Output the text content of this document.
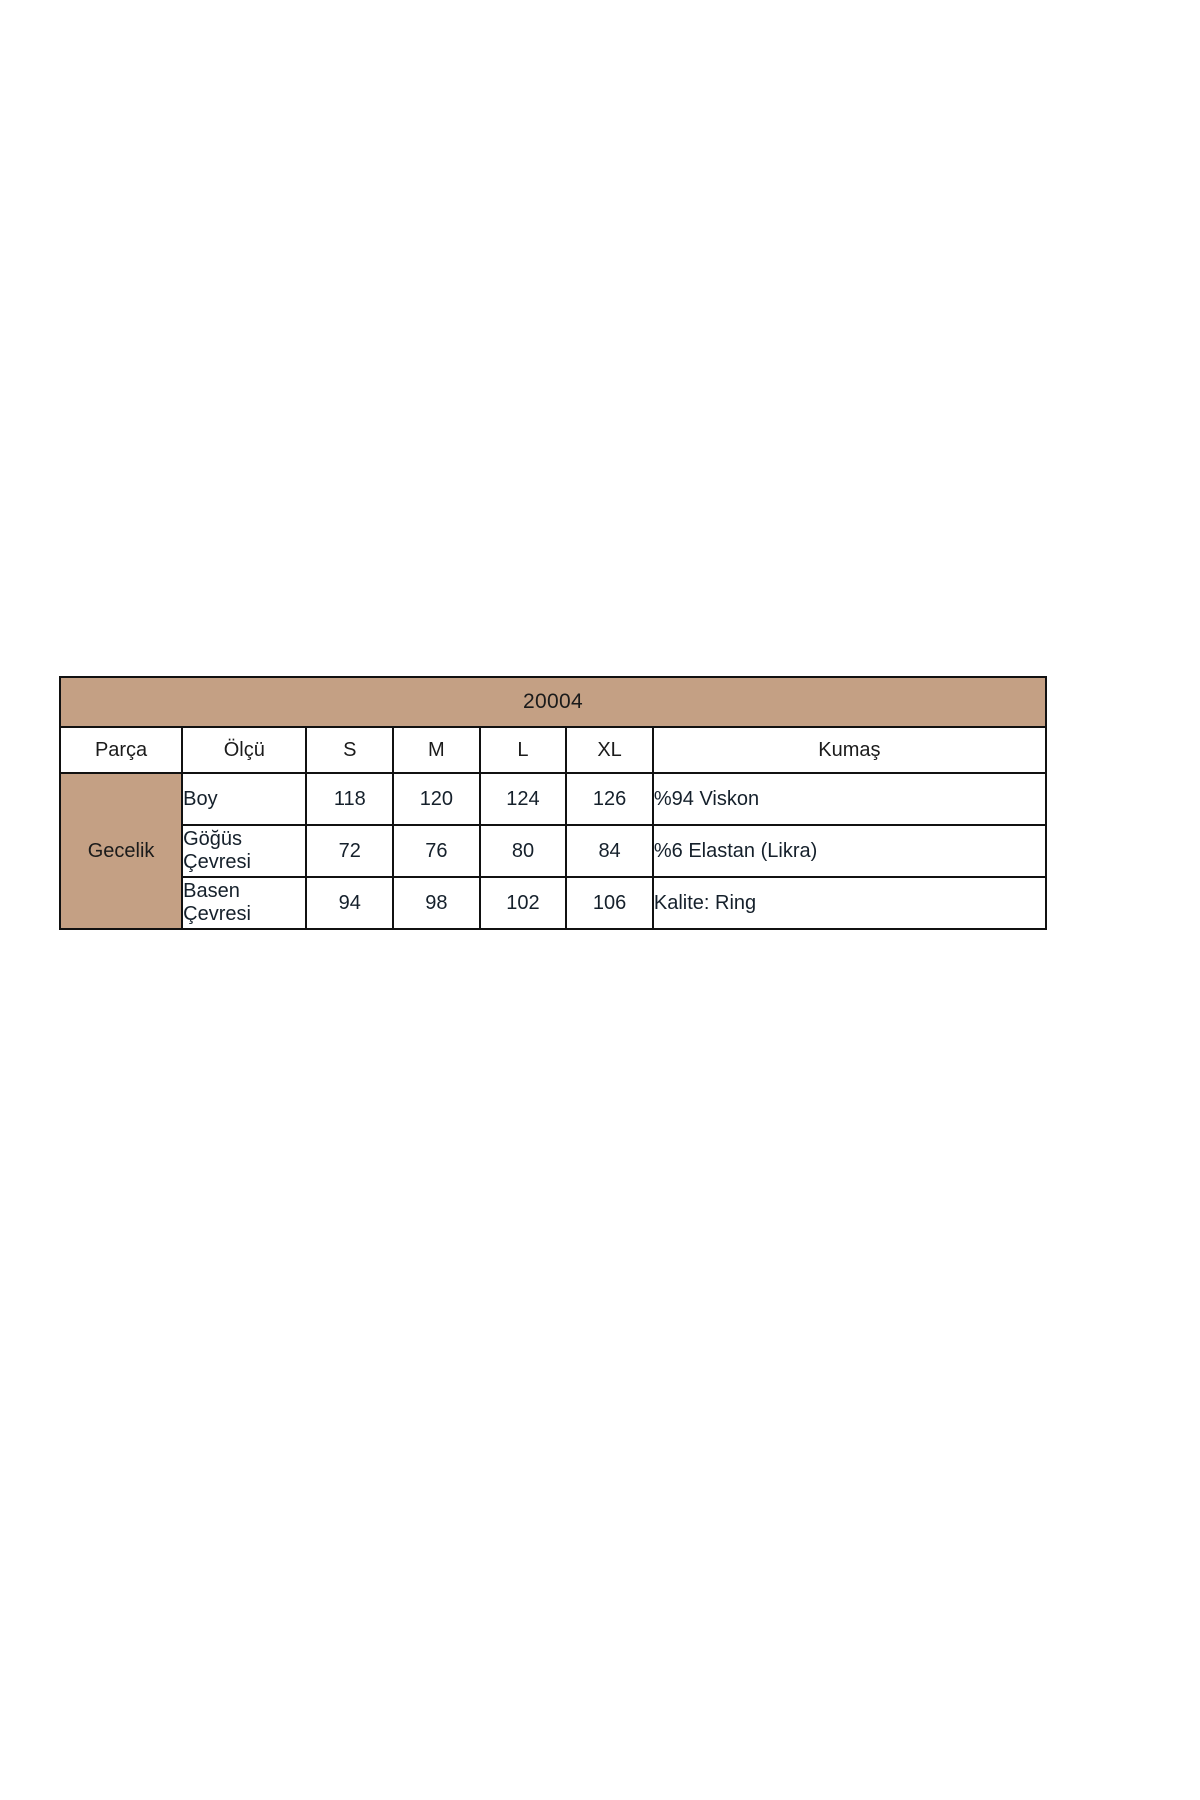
20004						
Parça	Ölçü	S	M	L	XL	Kumaş
Gecelik	Boy	118	120	124	126	%94 Viskon

	Göğüs Çevresi	72	76	80	84	%6 Elastan (Likra)

	Basen Çevresi	94	98	102	106	Kalite: Ring
